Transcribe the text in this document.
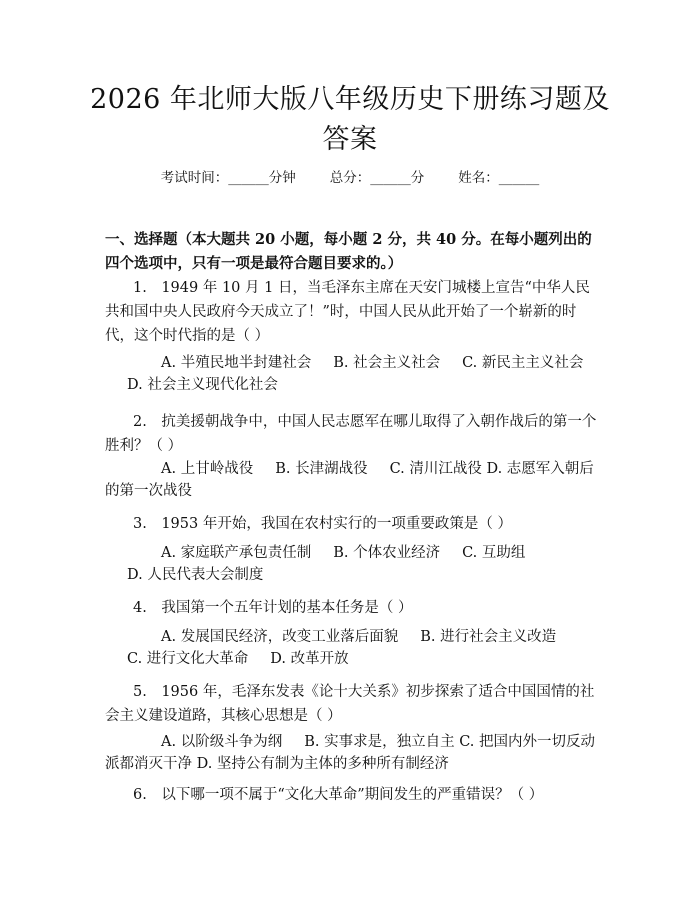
2026 年北师大版八年级历史下册练习题及答案
考试时间：______分钟	总分：______分	姓名：______
一、选择题（本大题共 20 小题，每小题 2 分，共 40 分。在每小题列出的四个选项中，只有一项是最符合题目要求的。）
1.　1949 年 10 月 1 日，当毛泽东主席在天安门城楼上宣告“中华人民共和国中央人民政府今天成立了！”时，中国人民从此开始了一个崭新的时代，这个时代指的是（ ）
A. 半殖民地半封建社会 B. 社会主义社会 C. 新民主主义社会 D. 社会主义现代化社会
2.　抗美援朝战争中，中国人民志愿军在哪儿取得了入朝作战后的第一个胜利？（ ）
A. 上甘岭战役 B. 长津湖战役 C. 清川江战役 D. 志愿军入朝后的第一次战役
3.　1953 年开始，我国在农村实行的一项重要政策是（ ）
A. 家庭联产承包责任制 B. 个体农业经济 C. 互助组 D. 人民代表大会制度
4.　我国第一个五年计划的基本任务是（ ）
A. 发展国民经济，改变工业落后面貌 B. 进行社会主义改造 C. 进行文化大革命 D. 改革开放
5.　1956 年，毛泽东发表《论十大关系》初步探索了适合中国国情的社会主义建设道路，其核心思想是（ ）
A. 以阶级斗争为纲 B. 实事求是，独立自主 C. 把国内外一切反动派都消灭干净 D. 坚持公有制为主体的多种所有制经济
6.　以下哪一项不属于“文化大革命”期间发生的严重错误？（ ）
